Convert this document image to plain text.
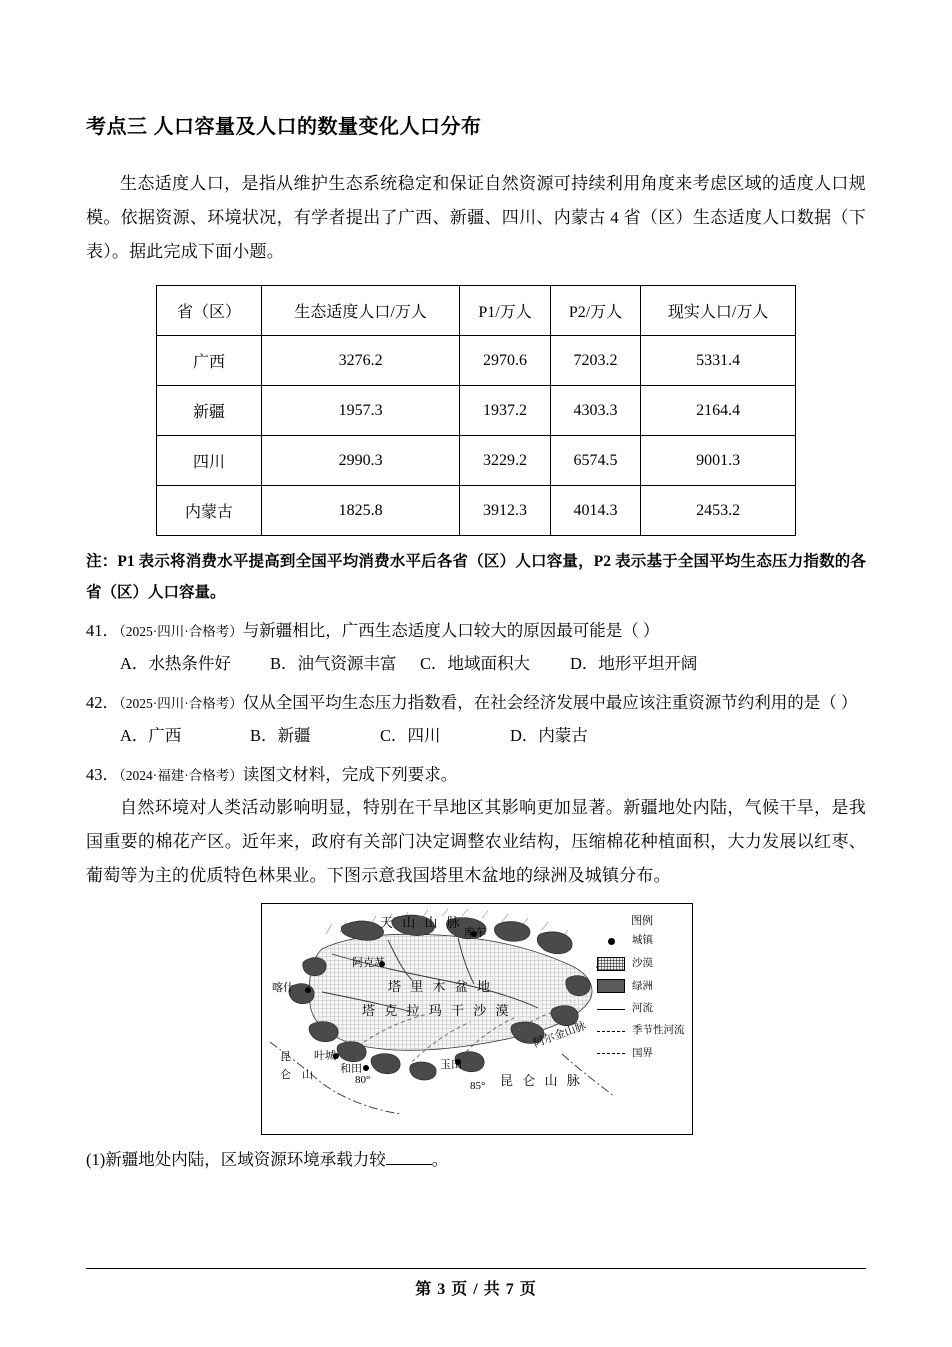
考点三 人口容量及人口的数量变化人口分布

生态适度人口，是指从维护生态系统稳定和保证自然资源可持续利用角度来考虑区域的适度人口规模。依据资源、环境状况，有学者提出了广西、新疆、四川、内蒙古 4 省（区）生态适度人口数据（下表）。据此完成下面小题。

省（区）	生态适度人口/万人	P1/万人	P2/万人	现实人口/万人
广西	3276.2	2970.6	7203.2	5331.4
新疆	1957.3	1937.2	4303.3	2164.4
四川	2990.3	3229.2	6574.5	9001.3
内蒙古	1825.8	3912.3	4014.3	2453.2

注：P1 表示将消费水平提高到全国平均消费水平后各省（区）人口容量，P2 表示基于全国平均生态压力指数的各省（区）人口容量。

41．（2025·四川·合格考）与新疆相比，广西生态适度人口较大的原因最可能是（ ）

A．水热条件好 B．油气资源丰富 C．地域面积大 D．地形平坦开阔

42．（2025·四川·合格考）仅从全国平均生态压力指数看，在社会经济发展中最应该注重资源节约利用的是（ ）

A．广西	B．新疆	C．四川	D．内蒙古

43．（2024·福建·合格考）读图文材料，完成下列要求。

自然环境对人类活动影响明显，特别在干旱地区其影响更加显著。新疆地处内陆，气候干旱，是我国重要的棉花产区。近年来，政府有关部门决定调整农业结构，压缩棉花种植面积，大力发展以红枣、葡萄等为主的优质特色林果业。下图示意我国塔里木盆地的绿洲及城镇分布。

天 山 山 脉
库车
阿克苏
喀什	塔 里 木 盆 地
塔 克 拉 玛 干 沙 漠
阿尔金山脉
叶城
和田	玉田
昆
仑 山	80°	85° 昆 仑 山 脉
图例
城镇
沙漠
绿洲
河流
季节性河流
国界

(1)新疆地处内陆，区域资源环境承载力较	。

第 3 页 / 共 7 页
